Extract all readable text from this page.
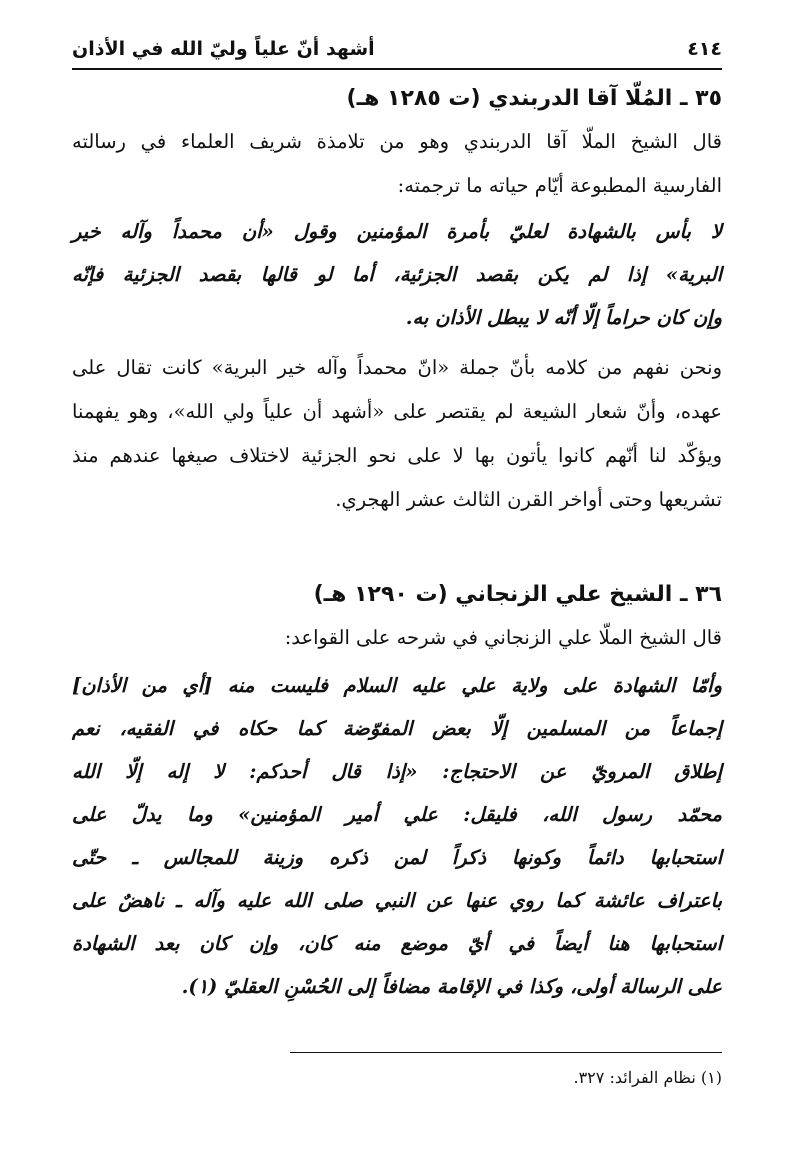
٤١٤
أشهد أنّ علياً وليّ الله في الأذان
٣٥ ـ المُلّا آقا الدربندي (ت ١٢٨٥ هـ)
قال الشيخ الملّا آقا الدربندي وهو من تلامذة شريف العلماء في رسالته
الفارسية المطبوعة أيّام حياته ما ترجمته:
لا بأس بالشهادة لعليّ بأمرة المؤمنين وقول «أن محمداً وآله خير
البرية» إذا لم يكن بقصد الجزئية، أما لو قالها بقصد الجزئية فإنّه
وإن كان حراماً إلّا أنّه لا يبطل الأذان به.
ونحن نفهم من كلامه بأنّ جملة «انّ محمداً وآله خير البرية» كانت تقال على
عهده، وأنّ شعار الشيعة لم يقتصر على «أشهد أن علياً ولي الله»، وهو يفهمنا
ويؤكّد لنا أنّهم كانوا يأتون بها لا على نحو الجزئية لاختلاف صيغها عندهم منذ
تشريعها وحتى أواخر القرن الثالث عشر الهجري.
٣٦ ـ الشيخ علي الزنجاني (ت ١٢٩٠ هـ)
قال الشيخ الملّا علي الزنجاني في شرحه على القواعد:
وأمّا الشهادة على ولاية علي عليه السلام فليست منه [أي من الأذان]
إجماعاً من المسلمين إلّا بعض المفوّضة كما حكاه في الفقيه، نعم
إطلاق المرويّ عن الاحتجاج: «إذا قال أحدكم: لا إله إلّا الله
محمّد رسول الله، فليقل: علي أمير المؤمنين» وما يدلّ على
استحبابها دائماً وكونها ذكراً لمن ذكره وزينة للمجالس ـ حتّى
باعتراف عائشة كما روي عنها عن النبي صلى الله عليه وآله ـ ناهضٌ على
استحبابها هنا أيضاً في أيّ موضع منه كان، وإن كان بعد الشهادة
على الرسالة أولى، وكذا في الإقامة مضافاً إلى الحُسْنِ العقليّ (١).
(١) نظام الفرائد: ٣٢٧.
